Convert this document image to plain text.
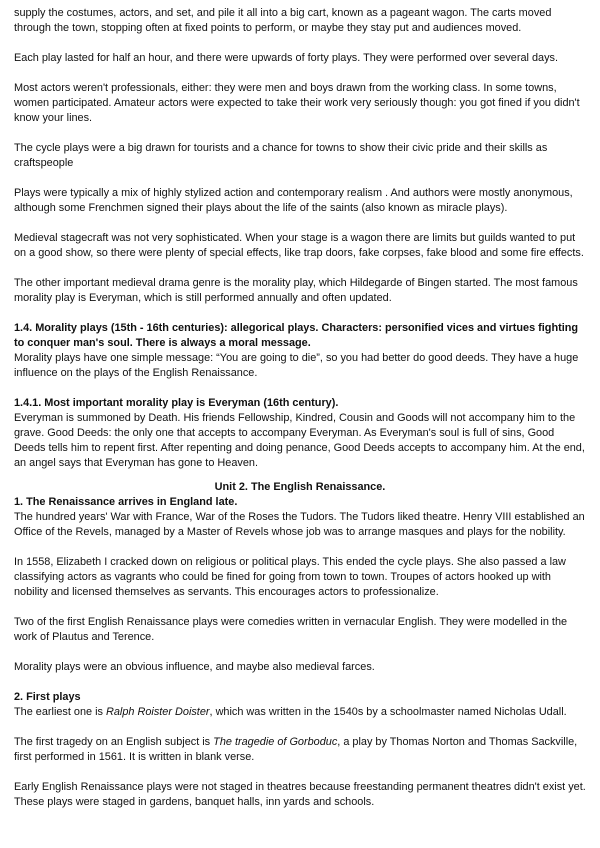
supply the costumes, actors, and set, and pile it all into a big cart, known as a pageant wagon. The carts moved through the town, stopping often at fixed points to perform, or maybe they stay put and audiences moved.

Each play lasted for half an hour, and there were upwards of forty plays. They were performed over several days.

Most actors weren't professionals, either: they were men and boys drawn from the working class. In some towns, women participated. Amateur actors were expected to take their work very seriously though: you got fined if you didn't know your lines.

The cycle plays were a big drawn for tourists and a chance for towns to show their civic pride and their skills as craftspeople

Plays were typically a mix of highly stylized action and contemporary realism . And authors were mostly anonymous, although some Frenchmen signed their plays about the life of the saints (also known as miracle plays).

Medieval stagecraft was not very sophisticated. When your stage is a wagon there are limits but guilds wanted to put on a good show, so there were plenty of special effects, like trap doors, fake corpses, fake blood and some fire effects.

The other important medieval drama genre is the morality play, which Hildegarde of Bingen started. The most famous morality play is Everyman, which is still performed annually and often updated.

1.4. Morality plays (15th - 16th centuries): allegorical plays. Characters: personified vices and virtues fighting to conquer man's soul. There is always a moral message.

Morality plays have one simple message: “You are going to die”, so you had better do good deeds. They have a huge influence on the plays of the English Renaissance.

1.4.1. Most important morality play is Everyman (16th century).

Everyman is summoned by Death. His friends Fellowship, Kindred, Cousin and Goods will not accompany him to the grave. Good Deeds: the only one that accepts to accompany Everyman. As Everyman's soul is full of sins, Good Deeds tells him to repent first. After repenting and doing penance, Good Deeds accepts to accompany him. At the end, an angel says that Everyman has gone to Heaven.

Unit 2. The English Renaissance.
1. The Renaissance arrives in England late.

The hundred years' War with France, War of the Roses the Tudors. The Tudors liked theatre. Henry VIII established an Office of the Revels, managed by a Master of Revels whose job was to arrange masques and plays for the nobility.

In 1558, Elizabeth I cracked down on religious or political plays. This ended the cycle plays. She also passed a law classifying actors as vagrants who could be fined for going from town to town. Troupes of actors hooked up with nobility and licensed themselves as servants. This encourages actors to professionalize.

Two of the first English Renaissance plays were comedies written in vernacular English. They were modelled in the work of Plautus and Terence.

Morality plays were an obvious influence, and maybe also medieval farces.

2. First plays

The earliest one is Ralph Roister Doister, which was written in the 1540s by a schoolmaster named Nicholas Udall.

The first tragedy on an English subject is The tragedie of Gorboduc, a play by Thomas Norton and Thomas Sackville, first performed in 1561. It is written in blank verse.

Early English Renaissance plays were not staged in theatres because freestanding permanent theatres didn't exist yet. These plays were staged in gardens, banquet halls, inn yards and schools.
